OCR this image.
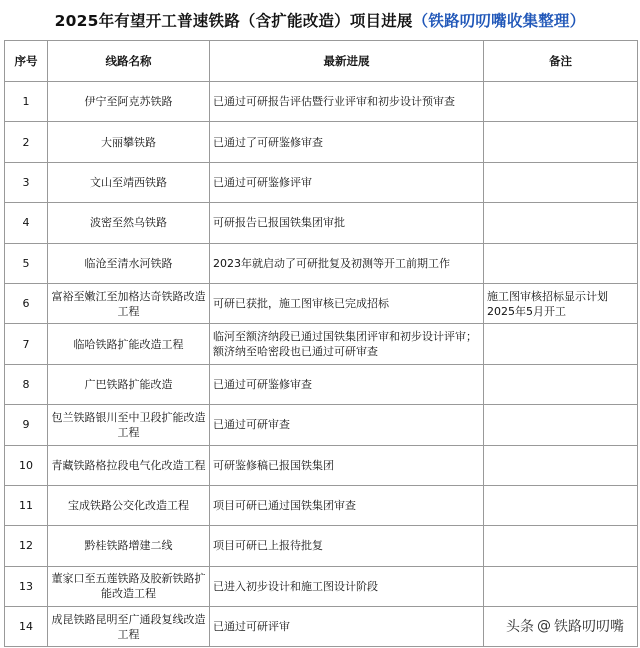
2025年有望开工普速铁路（含扩能改造）项目进展 （铁路叨叨嘴收集整理）
序号	线路名称	最新进展	备注
1	伊宁至阿克苏铁路	已通过可研报告评估暨行业评审和初步设计预审查	
2	大丽攀铁路	已通过了可研鉴修审查	
3	文山至靖西铁路	已通过可研鉴修评审	
4	波密至然乌铁路	可研报告已报国铁集团审批	
5	临沧至清水河铁路	2023年就启动了可研批复及初测等开工前期工作	
6	富裕至嫩江至加格达奇铁路改造工程	可研已获批，施工图审核已完成招标	施工图审核招标显示计划2025年5月开工
7	临哈铁路扩能改造工程	临河至额济纳段已通过国铁集团评审和初步设计评审；额济纳至哈密段也已通过可研审查	
8	广巴铁路扩能改造	已通过可研鉴修审查	
9	包兰铁路银川至中卫段扩能改造工程	已通过可研审查	
10	青藏铁路格拉段电气化改造工程	可研鉴修稿已报国铁集团	
11	宝成铁路公交化改造工程	项目可研已通过国铁集团审查	
12	黔桂铁路增建二线	项目可研已上报待批复	
13	董家口至五莲铁路及胶新铁路扩能改造工程	已进入初步设计和施工图设计阶段	
14	成昆铁路昆明至广通段复线改造工程	已通过可研评审		头条 @ 铁路叨叨嘴
